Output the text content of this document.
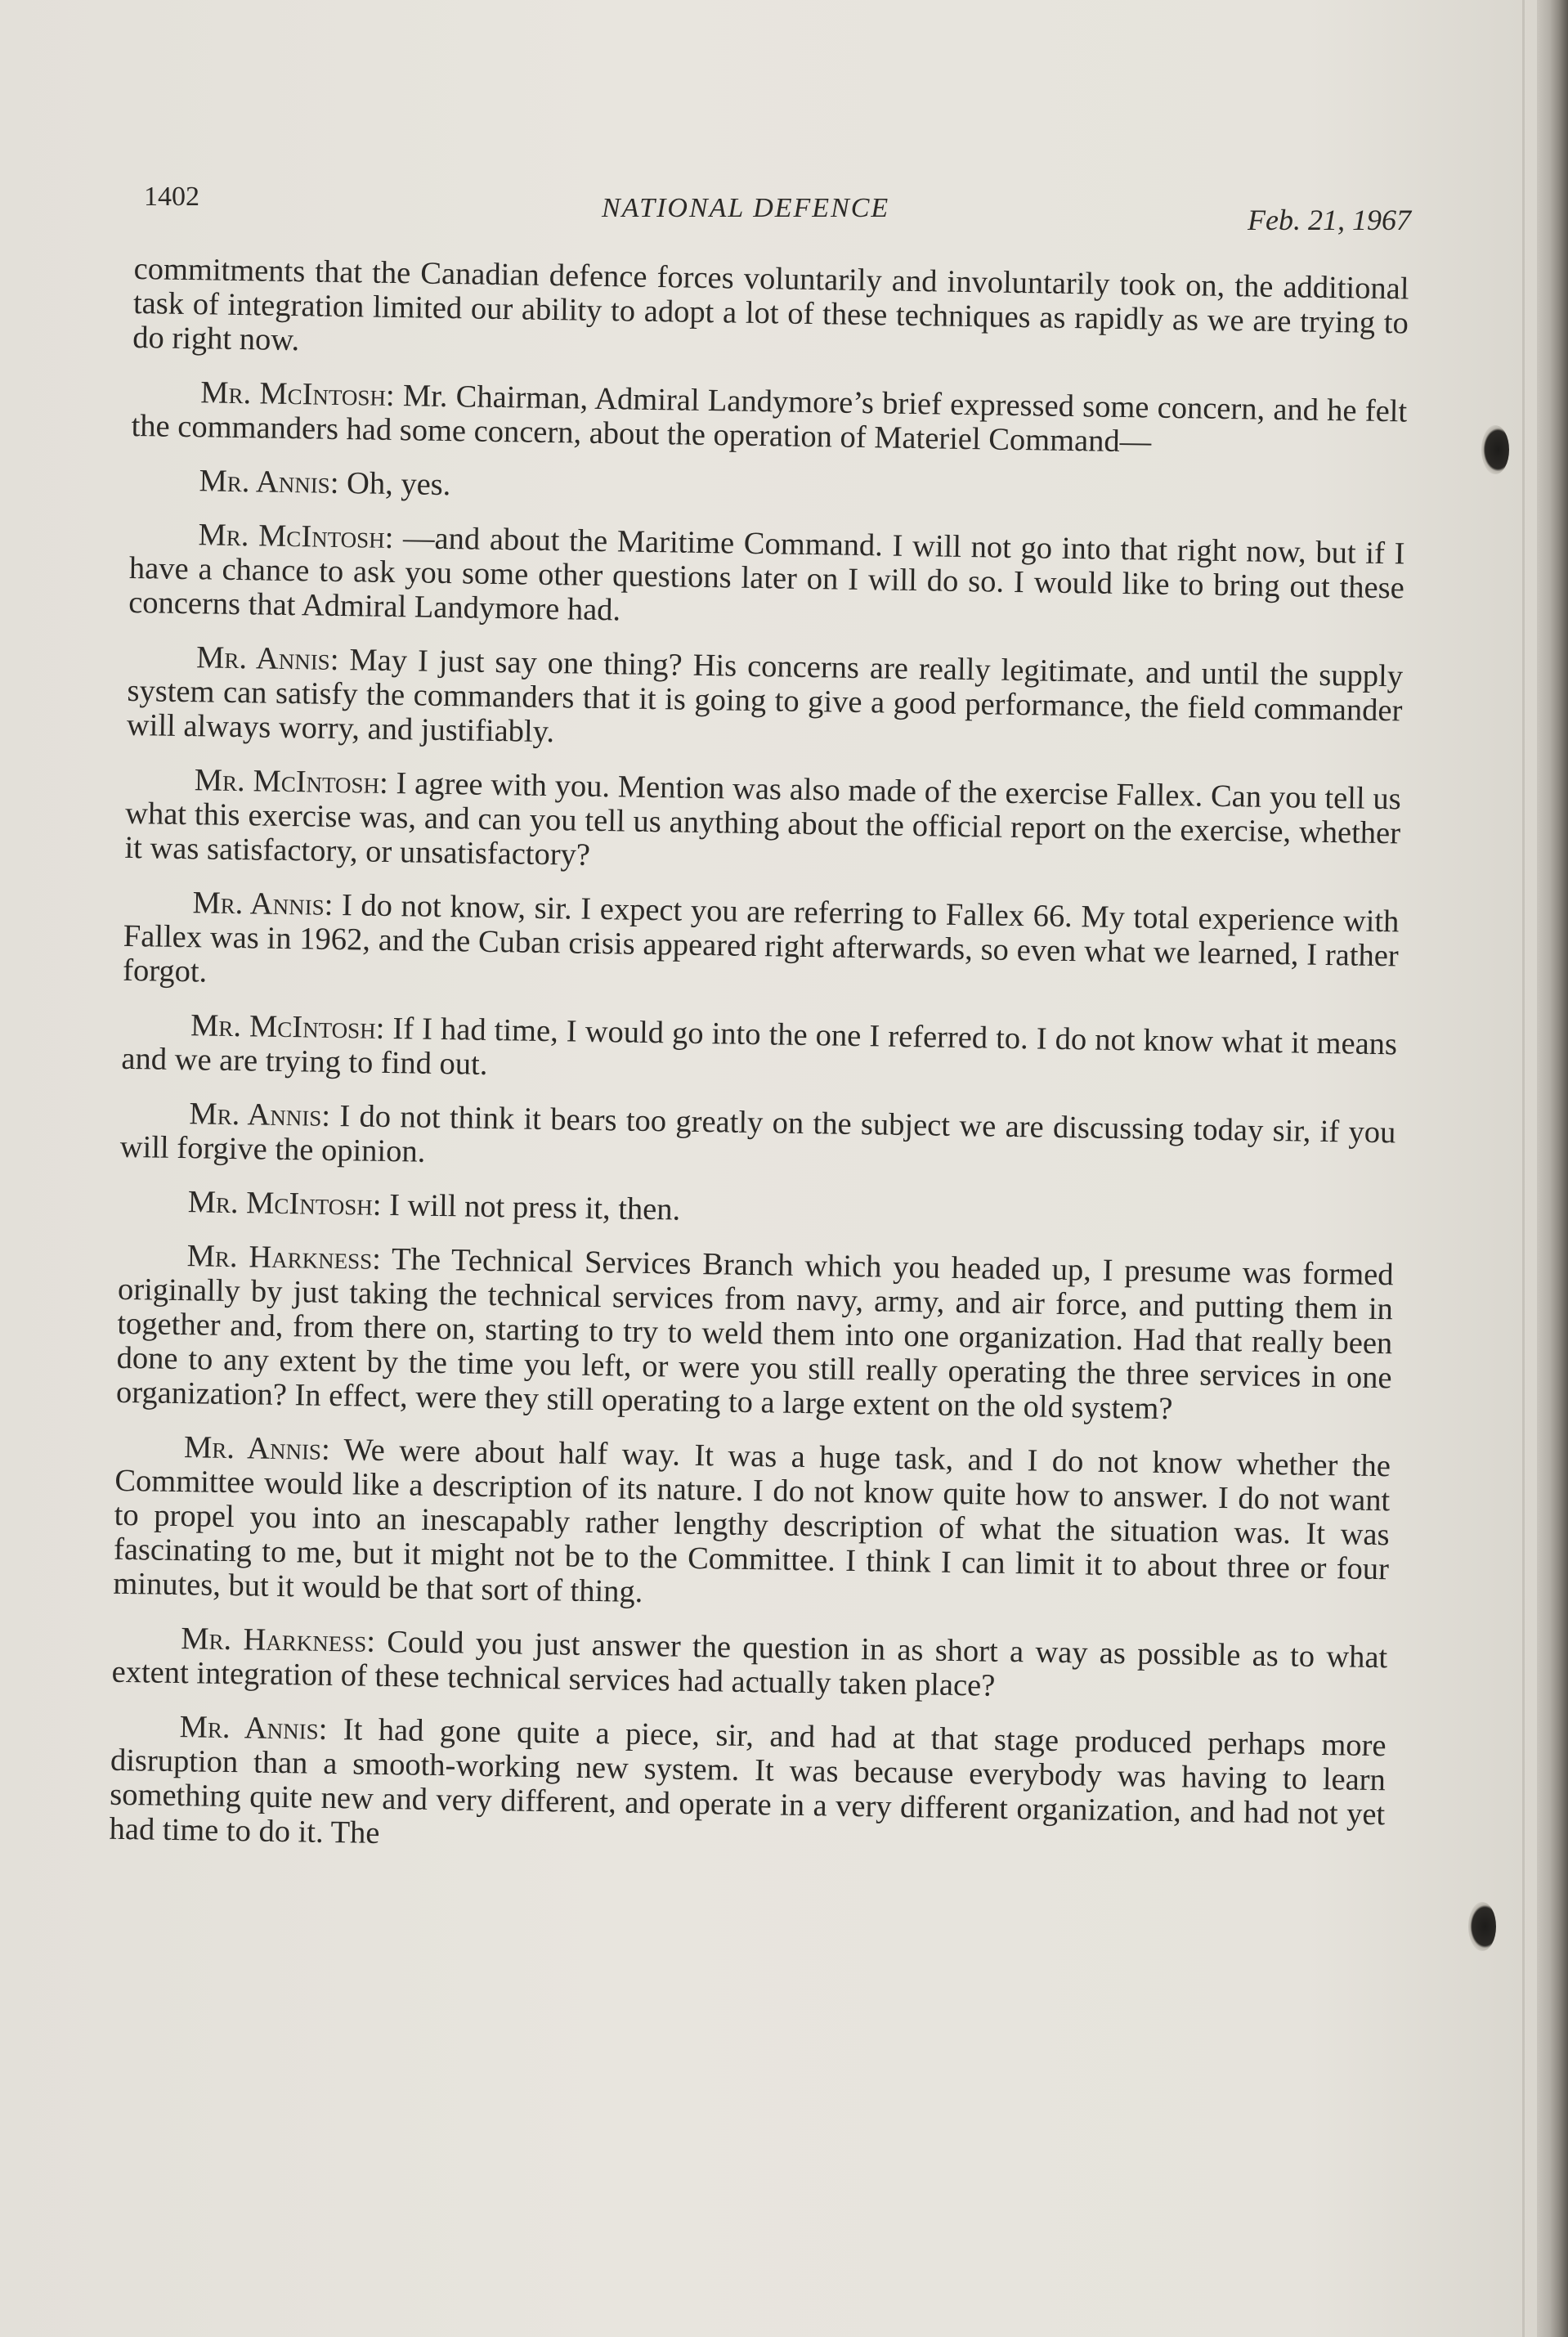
1402	NATIONAL DEFENCE	Feb. 21, 1967

commitments that the Canadian defence forces voluntarily and involuntarily took on, the additional task of integration limited our ability to adopt a lot of these techniques as rapidly as we are trying to do right now.

Mr. McIntosh: Mr. Chairman, Admiral Landymore’s brief expressed some concern, and he felt the commanders had some concern, about the operation of Materiel Command—

Mr. Annis: Oh, yes.

Mr. McIntosh: —and about the Maritime Command. I will not go into that right now, but if I have a chance to ask you some other questions later on I will do so. I would like to bring out these concerns that Admiral Landymore had.

Mr. Annis: May I just say one thing? His concerns are really legitimate, and until the supply system can satisfy the commanders that it is going to give a good performance, the field commander will always worry, and justifiably.

Mr. McIntosh: I agree with you. Mention was also made of the exercise Fallex. Can you tell us what this exercise was, and can you tell us anything about the official report on the exercise, whether it was satisfactory, or unsatisfactory?

Mr. Annis: I do not know, sir. I expect you are referring to Fallex 66. My total experience with Fallex was in 1962, and the Cuban crisis appeared right afterwards, so even what we learned, I rather forgot.

Mr. McIntosh: If I had time, I would go into the one I referred to. I do not know what it means and we are trying to find out.

Mr. Annis: I do not think it bears too greatly on the subject we are discussing today sir, if you will forgive the opinion.

Mr. McIntosh: I will not press it, then.

Mr. Harkness: The Technical Services Branch which you headed up, I presume was formed originally by just taking the technical services from navy, army, and air force, and putting them in together and, from there on, starting to try to weld them into one organization. Had that really been done to any extent by the time you left, or were you still really operating the three services in one organization? In effect, were they still operating to a large extent on the old system?

Mr. Annis: We were about half way. It was a huge task, and I do not know whether the Committee would like a description of its nature. I do not know quite how to answer. I do not want to propel you into an inescapably rather lengthy description of what the situation was. It was fascinating to me, but it might not be to the Committee. I think I can limit it to about three or four minutes, but it would be that sort of thing.

Mr. Harkness: Could you just answer the question in as short a way as possible as to what extent integration of these technical services had actually taken place?

Mr. Annis: It had gone quite a piece, sir, and had at that stage produced perhaps more disruption than a smooth-working new system. It was because everybody was having to learn something quite new and very different, and operate in a very different organization, and had not yet had time to do it. The
